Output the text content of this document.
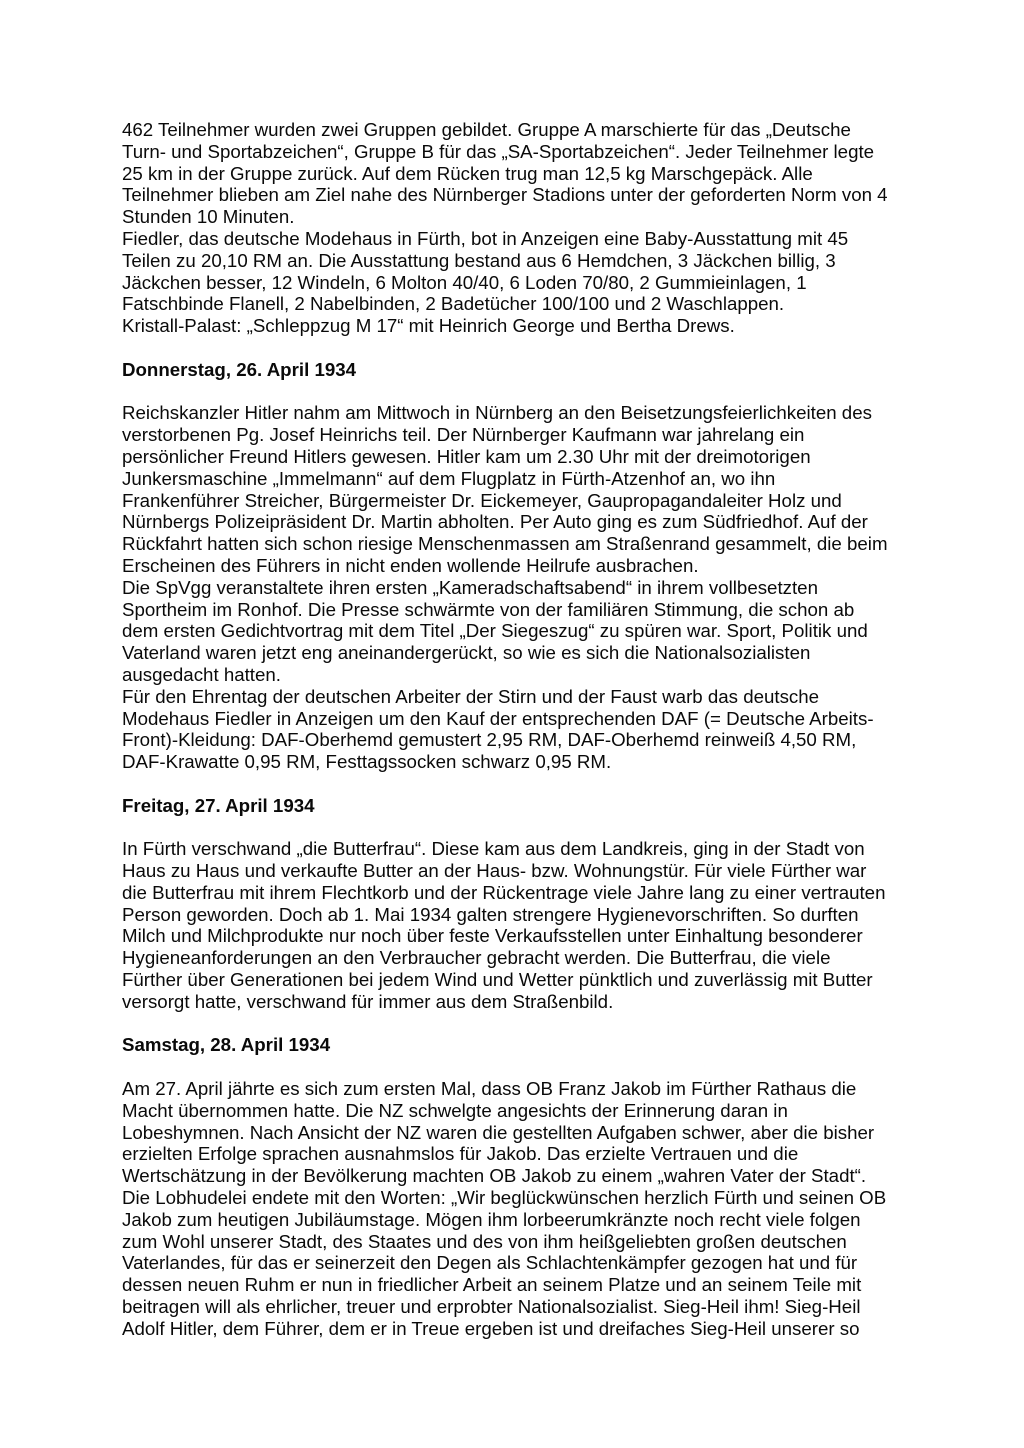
462 Teilnehmer wurden zwei Gruppen gebildet. Gruppe A marschierte für das „Deutsche
Turn- und Sportabzeichen“, Gruppe B für das „SA-Sportabzeichen“. Jeder Teilnehmer legte
25 km in der Gruppe zurück. Auf dem Rücken trug man 12,5 kg Marschgepäck. Alle
Teilnehmer blieben am Ziel nahe des Nürnberger Stadions unter der geforderten Norm von 4
Stunden 10 Minuten.
Fiedler, das deutsche Modehaus in Fürth, bot in Anzeigen eine Baby-Ausstattung mit 45
Teilen zu 20,10 RM an. Die Ausstattung bestand aus 6 Hemdchen, 3 Jäckchen billig, 3
Jäckchen besser, 12 Windeln, 6 Molton 40/40, 6 Loden 70/80, 2 Gummieinlagen, 1
Fatschbinde Flanell, 2 Nabelbinden, 2 Badetücher 100/100 und 2 Waschlappen.
Kristall-Palast: „Schleppzug M 17“ mit Heinrich George und Bertha Drews.
Donnerstag, 26. April 1934
Reichskanzler Hitler nahm am Mittwoch in Nürnberg an den Beisetzungsfeierlichkeiten des
verstorbenen Pg. Josef Heinrichs teil. Der Nürnberger Kaufmann war jahrelang ein
persönlicher Freund Hitlers gewesen. Hitler kam um 2.30 Uhr mit der dreimotorigen
Junkersmaschine „Immelmann“ auf dem Flugplatz in Fürth-Atzenhof an, wo ihn
Frankenführer Streicher, Bürgermeister Dr. Eickemeyer, Gaupropagandaleiter Holz und
Nürnbergs Polizeipräsident Dr. Martin abholten. Per Auto ging es zum Südfriedhof. Auf der
Rückfahrt hatten sich schon riesige Menschenmassen am Straßenrand gesammelt, die beim
Erscheinen des Führers in nicht enden wollende Heilrufe ausbrachen.
Die SpVgg veranstaltete ihren ersten „Kameradschaftsabend“ in ihrem vollbesetzten
Sportheim im Ronhof. Die Presse schwärmte von der familiären Stimmung, die schon ab
dem ersten Gedichtvortrag mit dem Titel „Der Siegeszug“ zu spüren war. Sport, Politik und
Vaterland waren jetzt eng aneinandergerückt, so wie es sich die Nationalsozialisten
ausgedacht hatten.
Für den Ehrentag der deutschen Arbeiter der Stirn und der Faust warb das deutsche
Modehaus Fiedler in Anzeigen um den Kauf der entsprechenden DAF (= Deutsche Arbeits-
Front)-Kleidung: DAF-Oberhemd gemustert 2,95 RM, DAF-Oberhemd reinweiß 4,50 RM,
DAF-Krawatte 0,95 RM, Festtagssocken schwarz 0,95 RM.
Freitag, 27. April 1934
In Fürth verschwand „die Butterfrau“. Diese kam aus dem Landkreis, ging in der Stadt von
Haus zu Haus und verkaufte Butter an der Haus- bzw. Wohnungstür. Für viele Fürther war
die Butterfrau mit ihrem Flechtkorb und der Rückentrage viele Jahre lang zu einer vertrauten
Person geworden. Doch ab 1. Mai 1934 galten strengere Hygienevorschriften. So durften
Milch und Milchprodukte nur noch über feste Verkaufsstellen unter Einhaltung besonderer
Hygieneanforderungen an den Verbraucher gebracht werden. Die Butterfrau, die viele
Fürther über Generationen bei jedem Wind und Wetter pünktlich und zuverlässig mit Butter
versorgt hatte, verschwand für immer aus dem Straßenbild.
Samstag, 28. April 1934
Am 27. April jährte es sich zum ersten Mal, dass OB Franz Jakob im Fürther Rathaus die
Macht übernommen hatte. Die NZ schwelgte angesichts der Erinnerung daran in
Lobeshymnen. Nach Ansicht der NZ waren die gestellten Aufgaben schwer, aber die bisher
erzielten Erfolge sprachen ausnahmslos für Jakob. Das erzielte Vertrauen und die
Wertschätzung in der Bevölkerung machten OB Jakob zu einem „wahren Vater der Stadt“.
Die Lobhudelei endete mit den Worten: „Wir beglückwünschen herzlich Fürth und seinen OB
Jakob zum heutigen Jubiläumstage. Mögen ihm lorbeerumkränzte noch recht viele folgen
zum Wohl unserer Stadt, des Staates und des von ihm heißgeliebten großen deutschen
Vaterlandes, für das er seinerzeit den Degen als Schlachtenkämpfer gezogen hat und für
dessen neuen Ruhm er nun in friedlicher Arbeit an seinem Platze und an seinem Teile mit
beitragen will als ehrlicher, treuer und erprobter Nationalsozialist. Sieg-Heil ihm! Sieg-Heil
Adolf Hitler, dem Führer, dem er in Treue ergeben ist und dreifaches Sieg-Heil unserer so
